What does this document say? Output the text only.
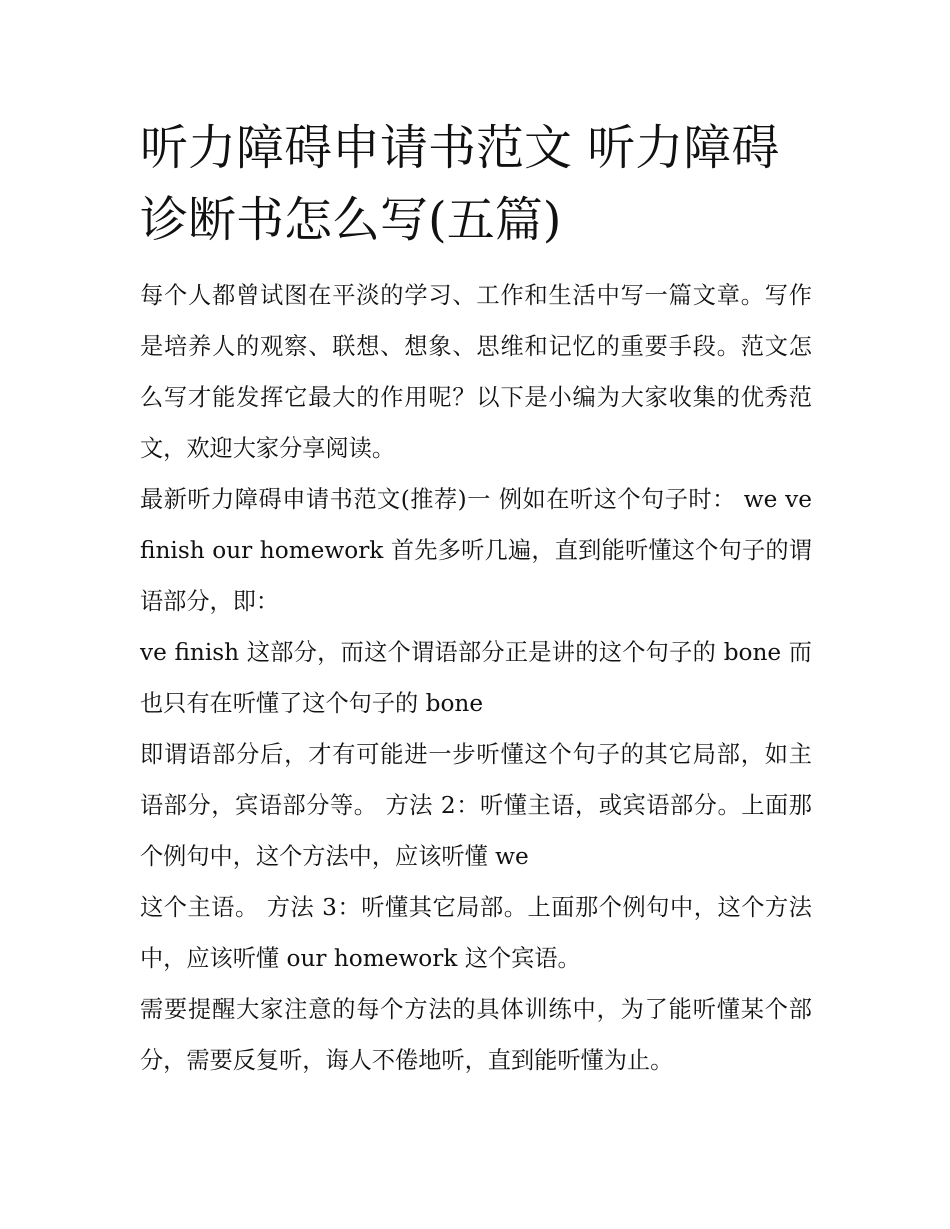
听力障碍申请书范文 听力障碍诊断书怎么写(五篇)

每个人都曾试图在平淡的学习、工作和生活中写一篇文章。写作是培养人的观察、联想、想象、思维和记忆的重要手段。范文怎么写才能发挥它最大的作用呢？以下是小编为大家收集的优秀范文，欢迎大家分享阅读。

最新听力障碍申请书范文(推荐)一 例如在听这个句子时： we ve finish our homework 首先多听几遍，直到能听懂这个句子的谓语部分，即：

ve finish 这部分，而这个谓语部分正是讲的这个句子的 bone 而也只有在听懂了这个句子的 bone

即谓语部分后，才有可能进一步听懂这个句子的其它局部，如主语部分，宾语部分等。 方法 2：听懂主语，或宾语部分。上面那个例句中，这个方法中，应该听懂 we

这个主语。 方法 3：听懂其它局部。上面那个例句中，这个方法中，应该听懂 our homework 这个宾语。

需要提醒大家注意的每个方法的具体训练中，为了能听懂某个部分，需要反复听，诲人不倦地听，直到能听懂为止。
